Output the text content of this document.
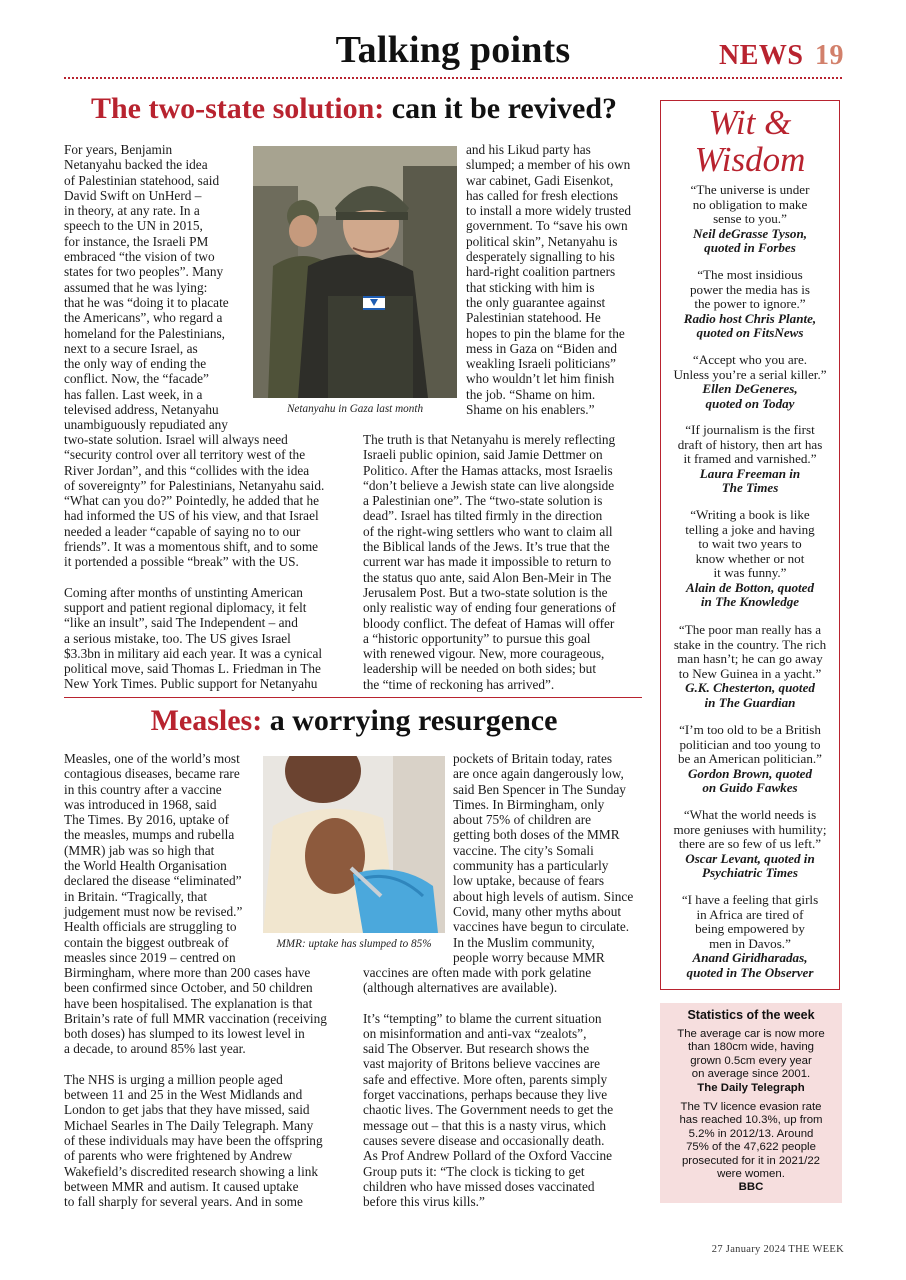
Talking points	NEWS 19
The two-state solution: can it be revived?
For years, Benjamin
Netanyahu backed the idea
of Palestinian statehood, said
David Swift on UnHerd –
in theory, at any rate. In a
speech to the UN in 2015,
for instance, the Israeli PM
embraced “the vision of two
states for two peoples”. Many
assumed that he was lying:
that he was “doing it to placate
the Americans”, who regard a
homeland for the Palestinians,
next to a secure Israel, as
the only way of ending the
conflict. Now, the “facade”
has fallen. Last week, in a
televised address, Netanyahu
unambiguously repudiated any
two-state solution. Israel will always need
“security control over all territory west of the
River Jordan”, and this “collides with the idea
of sovereignty” for Palestinians, Netanyahu said.
“What can you do?” Pointedly, he added that he
had informed the US of his view, and that Israel
needed a leader “capable of saying no to our
friends”. It was a momentous shift, and to some
it portended a possible “break” with the US.
Coming after months of unstinting American
support and patient regional diplomacy, it felt
“like an insult”, said The Independent – and
a serious mistake, too. The US gives Israel
$3.3bn in military aid each year. It was a cynical
political move, said Thomas L. Friedman in The
New York Times. Public support for Netanyahu
Netanyahu in Gaza last month
and his Likud party has
slumped; a member of his own
war cabinet, Gadi Eisenkot,
has called for fresh elections
to install a more widely trusted
government. To “save his own
political skin”, Netanyahu is
desperately signalling to his
hard-right coalition partners
that sticking with him is
the only guarantee against
Palestinian statehood. He
hopes to pin the blame for the
mess in Gaza on “Biden and
weakling Israeli politicians”
who wouldn’t let him finish
the job. “Shame on him.
Shame on his enablers.”
The truth is that Netanyahu is merely reflecting
Israeli public opinion, said Jamie Dettmer on
Politico. After the Hamas attacks, most Israelis
“don’t believe a Jewish state can live alongside
a Palestinian one”. The “two-state solution is
dead”. Israel has tilted firmly in the direction
of the right-wing settlers who want to claim all
the Biblical lands of the Jews. It’s true that the
current war has made it impossible to return to
the status quo ante, said Alon Ben-Meir in The
Jerusalem Post. But a two-state solution is the
only realistic way of ending four generations of
bloody conflict. The defeat of Hamas will offer
a “historic opportunity” to pursue this goal
with renewed vigour. New, more courageous,
leadership will be needed on both sides; but
the “time of reckoning has arrived”.
Measles: a worrying resurgence
Measles, one of the world’s most
contagious diseases, became rare
in this country after a vaccine
was introduced in 1968, said
The Times. By 2016, uptake of
the measles, mumps and rubella
(MMR) jab was so high that
the World Health Organisation
declared the disease “eliminated”
in Britain. “Tragically, that
judgement must now be revised.”
Health officials are struggling to
contain the biggest outbreak of
measles since 2019 – centred on
Birmingham, where more than 200 cases have
been confirmed since October, and 50 children
have been hospitalised. The explanation is that
Britain’s rate of full MMR vaccination (receiving
both doses) has slumped to its lowest level in
a decade, to around 85% last year.
The NHS is urging a million people aged
between 11 and 25 in the West Midlands and
London to get jabs that they have missed, said
Michael Searles in The Daily Telegraph. Many
of these individuals may have been the offspring
of parents who were frightened by Andrew
Wakefield’s discredited research showing a link
between MMR and autism. It caused uptake
to fall sharply for several years. And in some
MMR: uptake has slumped to 85%
pockets of Britain today, rates
are once again dangerously low,
said Ben Spencer in The Sunday
Times. In Birmingham, only
about 75% of children are
getting both doses of the MMR
vaccine. The city’s Somali
community has a particularly
low uptake, because of fears
about high levels of autism. Since
Covid, many other myths about
vaccines have begun to circulate.
In the Muslim community,
people worry because MMR
vaccines are often made with pork gelatine
(although alternatives are available).
It’s “tempting” to blame the current situation
on misinformation and anti-vax “zealots”,
said The Observer. But research shows the
vast majority of Britons believe vaccines are
safe and effective. More often, parents simply
forget vaccinations, perhaps because they live
chaotic lives. The Government needs to get the
message out – that this is a nasty virus, which
causes severe disease and occasionally death.
As Prof Andrew Pollard of the Oxford Vaccine
Group puts it: “The clock is ticking to get
children who have missed doses vaccinated
before this virus kills.”
Wit &
Wisdom
“The universe is under
no obligation to make
sense to you.”
Neil deGrasse Tyson,
quoted in Forbes
“The most insidious
power the media has is
the power to ignore.”
Radio host Chris Plante,
quoted on FitsNews
“Accept who you are.
Unless you’re a serial killer.”
Ellen DeGeneres,
quoted on Today
“If journalism is the first
draft of history, then art has
it framed and varnished.”
Laura Freeman in
The Times
“Writing a book is like
telling a joke and having
to wait two years to
know whether or not
it was funny.”
Alain de Botton, quoted
in The Knowledge
“The poor man really has a
stake in the country. The rich
man hasn’t; he can go away
to New Guinea in a yacht.”
G.K. Chesterton, quoted
in The Guardian
“I’m too old to be a British
politician and too young to
be an American politician.”
Gordon Brown, quoted
on Guido Fawkes
“What the world needs is
more geniuses with humility;
there are so few of us left.”
Oscar Levant, quoted in
Psychiatric Times
“I have a feeling that girls
in Africa are tired of
being empowered by
men in Davos.”
Anand Giridharadas,
quoted in The Observer
Statistics of the week
The average car is now more
than 180cm wide, having
grown 0.5cm every year
on average since 2001.
The Daily Telegraph
The TV licence evasion rate
has reached 10.3%, up from
5.2% in 2012/13. Around
75% of the 47,622 people
prosecuted for it in 2021/22
were women.
BBC
27 January 2024 THE WEEK
